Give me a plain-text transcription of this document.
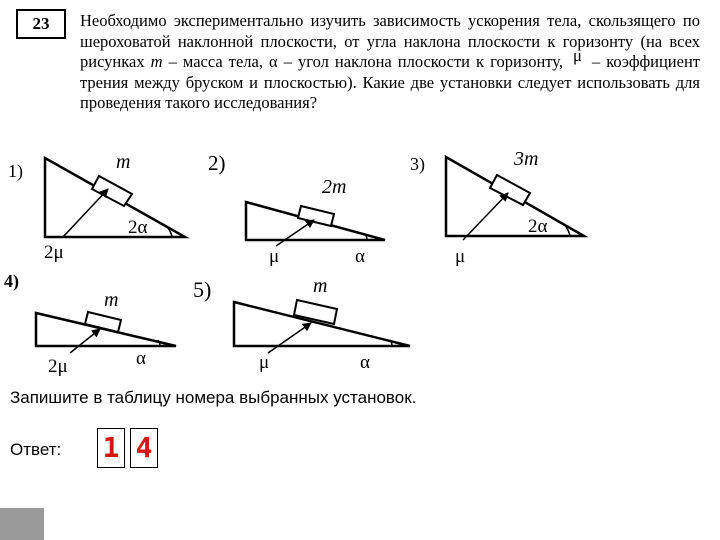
23	Необходимо экспериментально изучить зависимость ускорения тела, скользящего по шероховатой наклонной плоскости, от угла наклона плоскости к горизонту (на всех рисунках m – масса тела, α – угол наклона плоскости к горизонту, μ – коэффициент трения между бруском и плоскостью). Какие две установки следует использовать для проведения такого исследования?
1)	m
2μ
2α
2)
2m
μ	α
3)	3m
μ
2α
4)
m
2μ	α
5)	m
μ	α
Запишите в таблицу номера выбранных установок.
Ответ: 1 4
